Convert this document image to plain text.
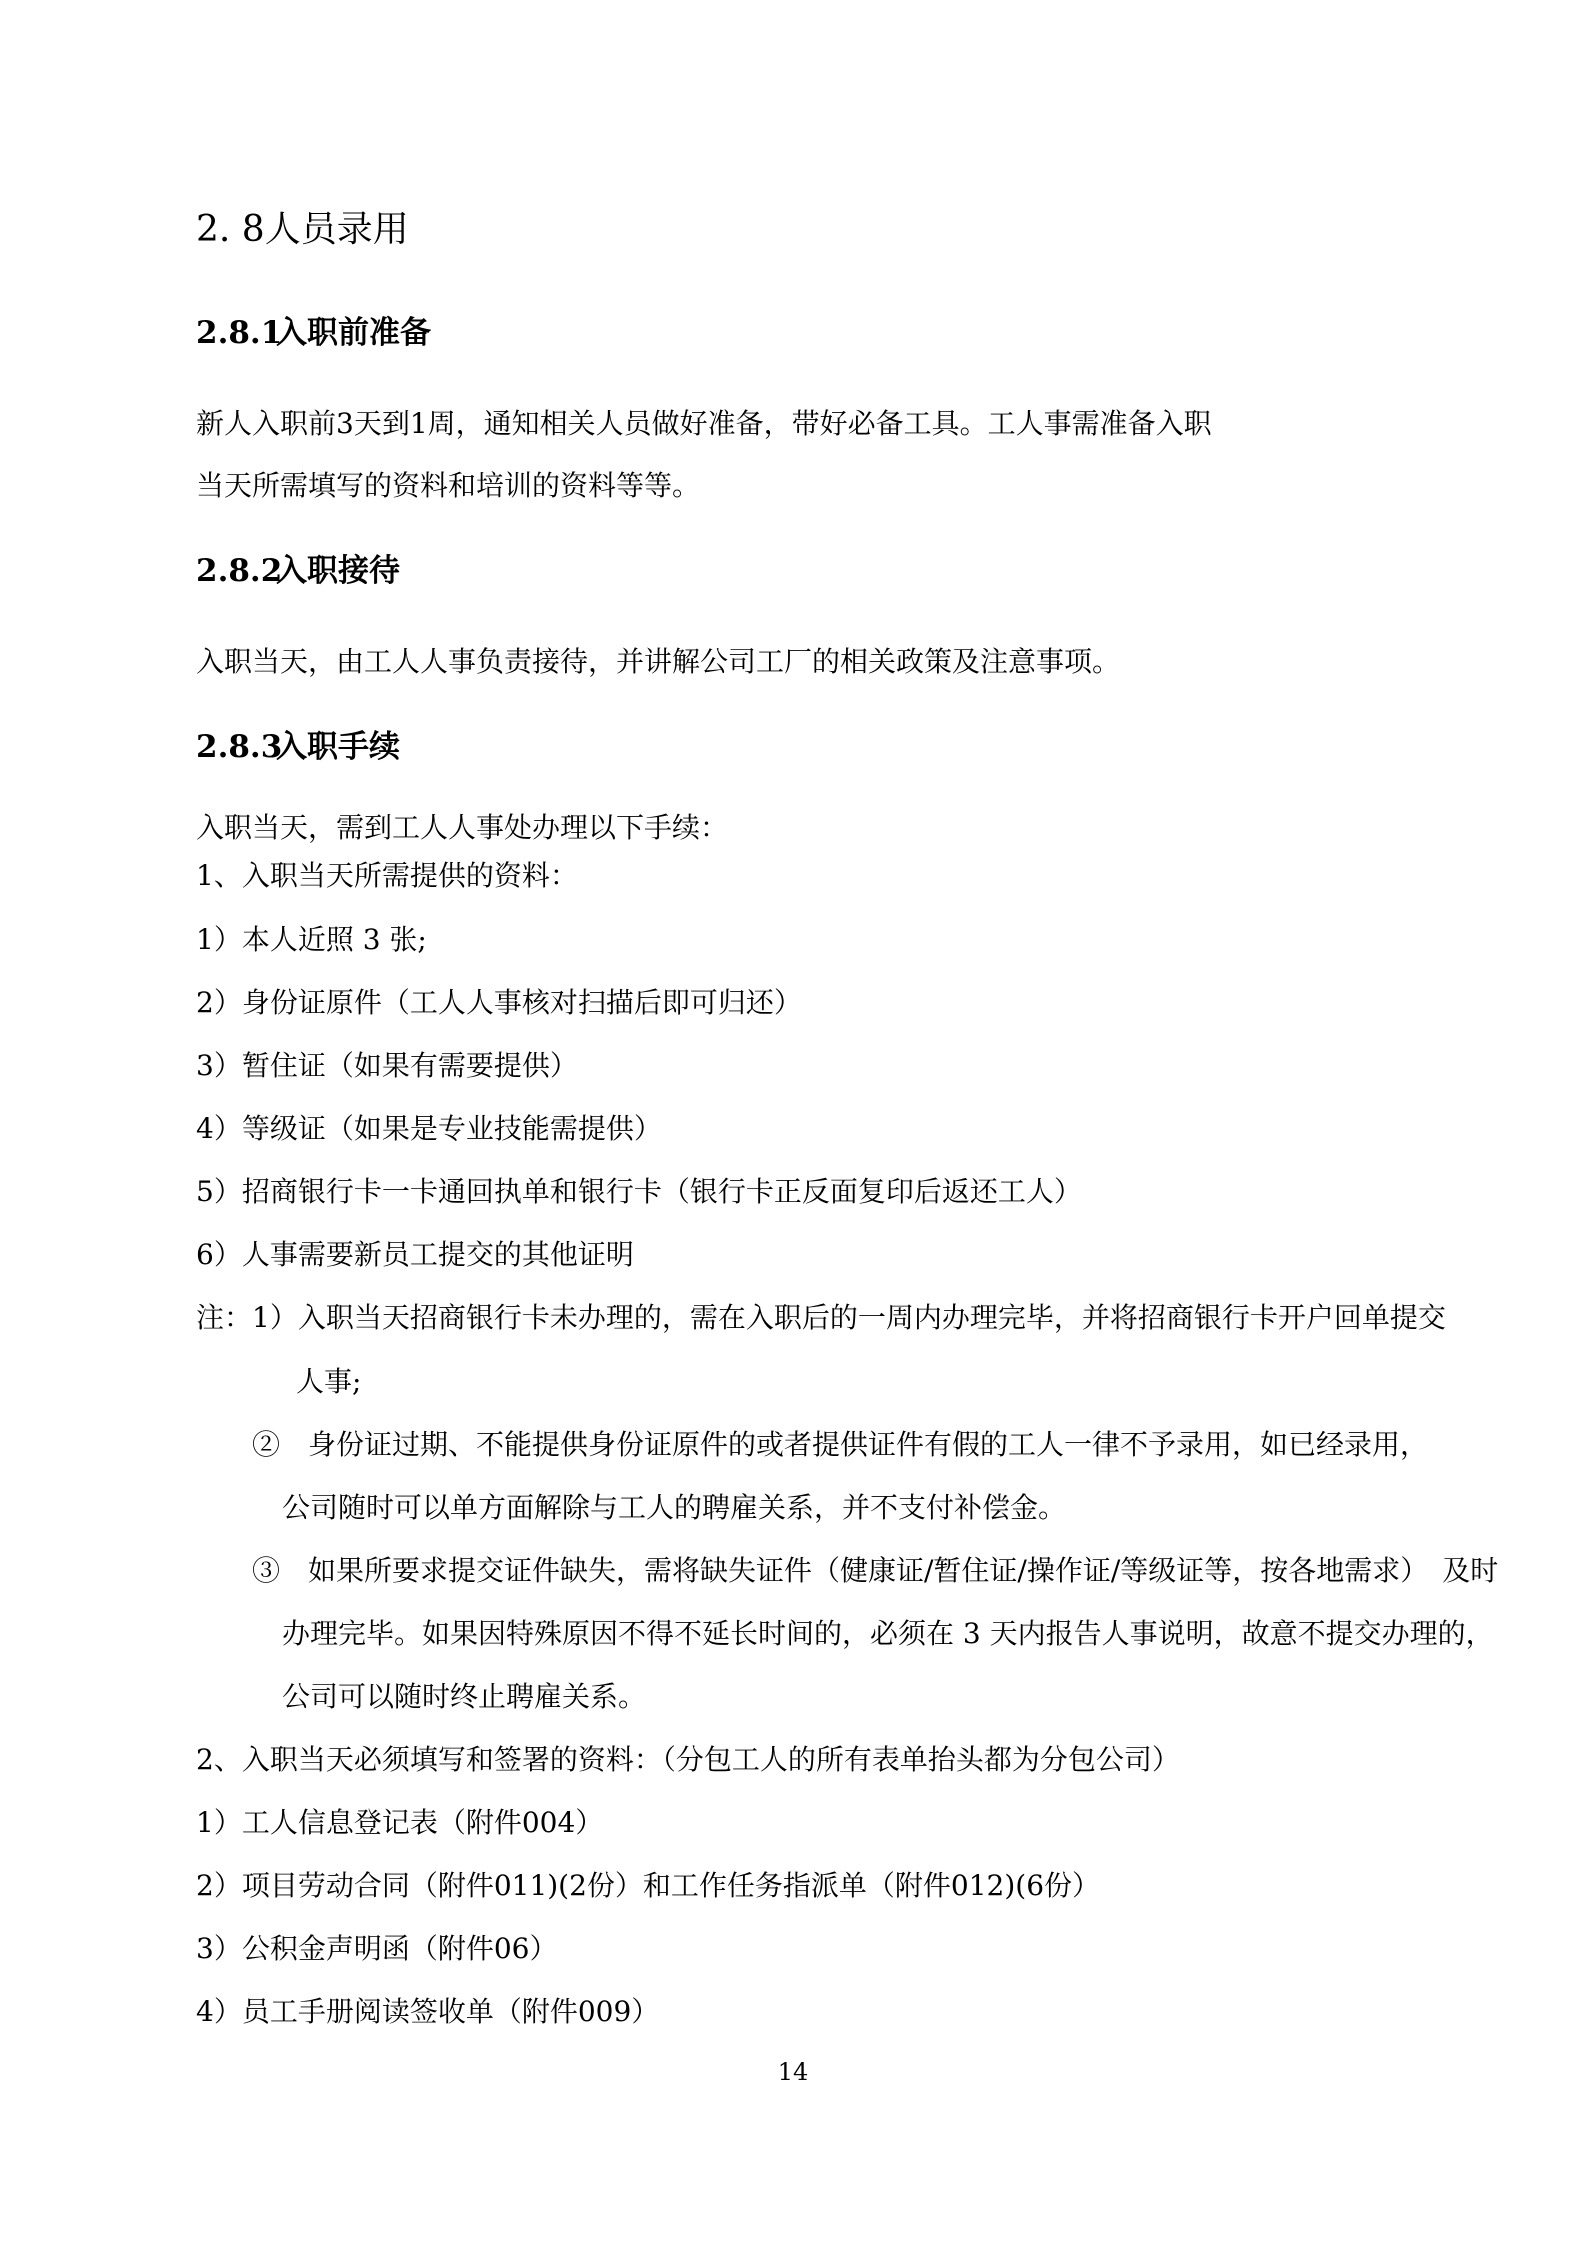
2. 8人员录用
2.8.1入职前准备
新人入职前3天到1周，通知相关人员做好准备，带好必备工具。工人事需准备入职
当天所需填写的资料和培训的资料等等。
2.8.2入职接待
入职当天，由工人人事负责接待，并讲解公司工厂的相关政策及注意事项。
2.8.3入职手续
入职当天，需到工人人事处办理以下手续：
1、入职当天所需提供的资料：
1）本人近照 3 张;
2）身份证原件（工人人事核对扫描后即可归还）
3）暂住证（如果有需要提供）
4）等级证（如果是专业技能需提供）
5）招商银行卡一卡通回执单和银行卡（银行卡正反面复印后返还工人）
6）人事需要新员工提交的其他证明
注：1）入职当天招商银行卡未办理的，需在入职后的一周内办理完毕，并将招商银行卡开户回单提交
人事;
②　身份证过期、不能提供身份证原件的或者提供证件有假的工人一律不予录用，如已经录用，
公司随时可以单方面解除与工人的聘雇关系，并不支付补偿金。
③　如果所要求提交证件缺失，需将缺失证件（健康证/暂住证/操作证/等级证等，按各地需求）　及时
办理完毕。如果因特殊原因不得不延长时间的，必须在 3 天内报告人事说明，故意不提交办理的，
公司可以随时终止聘雇关系。
2、入职当天必须填写和签署的资料：（分包工人的所有表单抬头都为分包公司）
1）工人信息登记表（附件004）
2）项目劳动合同（附件011)(2份）和工作任务指派单（附件012)(6份）
3）公积金声明函（附件06）
4）员工手册阅读签收单（附件009）
14
